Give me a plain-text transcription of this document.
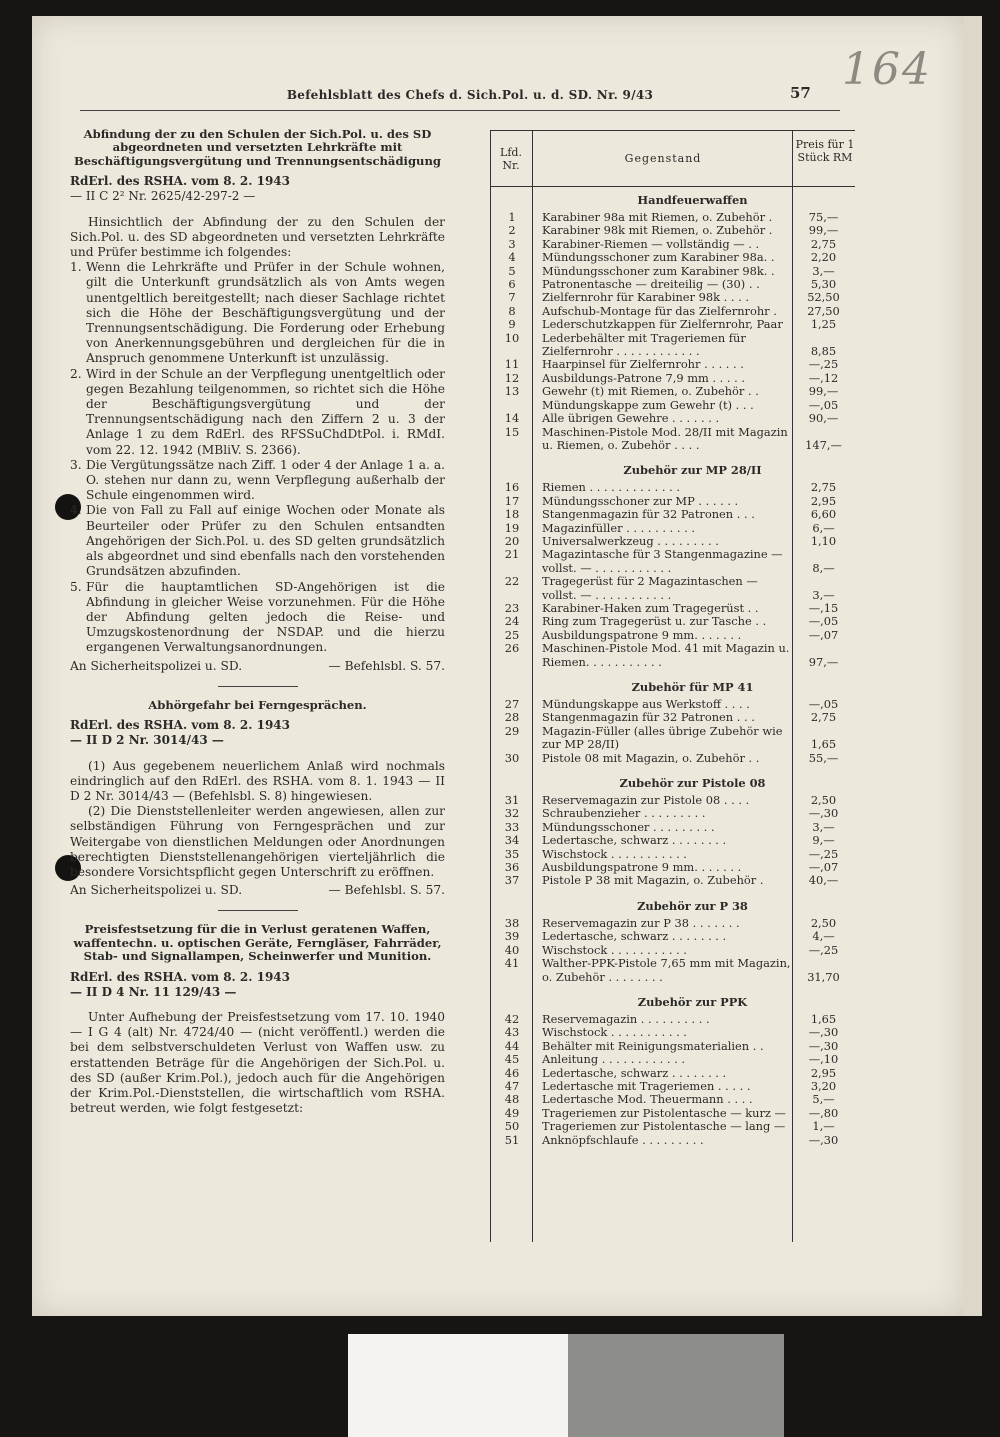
164
Befehlsblatt des Chefs d. Sich.Pol. u. d. SD. Nr. 9/43	57
Abfindung der zu den Schulen der Sich.Pol. u. des SD abgeordneten und versetzten Lehrkräfte mit Beschäftigungsvergütung und Trennungsentschädigung

RdErl. des RSHA. vom 8. 2. 1943

— II C 2² Nr. 2625/42-297-2 —

Hinsichtlich der Abfindung der zu den Schulen der Sich.Pol. u. des SD abgeordneten und versetzten Lehrkräfte und Prüfer bestimme ich folgendes:

1. Wenn die Lehrkräfte und Prüfer in der Schule wohnen, gilt die Unterkunft grundsätzlich als von Amts wegen unentgeltlich bereitgestellt; nach dieser Sachlage richtet sich die Höhe der Beschäftigungsvergütung und der Trennungsentschädigung. Die Forderung oder Erhebung von Anerkennungsgebühren und dergleichen für die in Anspruch genommene Unterkunft ist unzulässig.
2. Wird in der Schule an der Verpflegung unentgeltlich oder gegen Bezahlung teilgenommen, so richtet sich die Höhe der Beschäftigungsvergütung und der Trennungsentschädigung nach den Ziffern 2 u. 3 der Anlage 1 zu dem RdErl. des RFSSuChdDtPol. i. RMdI. vom 22. 12. 1942 (MBliV. S. 2366).
3. Die Vergütungssätze nach Ziff. 1 oder 4 der Anlage 1 a. a. O. stehen nur dann zu, wenn Verpflegung außerhalb der Schule eingenommen wird.
4. Die von Fall zu Fall auf einige Wochen oder Monate als Beurteiler oder Prüfer zu den Schulen entsandten Angehörigen der Sich.Pol. u. des SD gelten grundsätzlich als abgeordnet und sind ebenfalls nach den vorstehenden Grundsätzen abzufinden.
5. Für die hauptamtlichen SD-Angehörigen ist die Abfindung in gleicher Weise vorzunehmen. Für die Höhe der Abfindung gelten jedoch die Reise- und Umzugskostenordnung der NSDAP. und die hierzu ergangenen Verwaltungsanordnungen.
An Sicherheitspolizei u. SD.	— Befehlsbl. S. 57.
Abhörgefahr bei Ferngesprächen.

RdErl. des RSHA. vom 8. 2. 1943

— II D 2 Nr. 3014/43 —

(1) Aus gegebenem neuerlichem Anlaß wird nochmals eindringlich auf den RdErl. des RSHA. vom 8. 1. 1943 — II D 2 Nr. 3014/43 — (Befehlsbl. S. 8) hingewiesen.

(2) Die Dienststellenleiter werden angewiesen, allen zur selbständigen Führung von Ferngesprächen und zur Weitergabe von dienstlichen Meldungen oder Anordnungen berechtigten Dienststellenangehörigen vierteljährlich die besondere Vorsichtspflicht gegen Unterschrift zu eröffnen.

An Sicherheitspolizei u. SD.	— Befehlsbl. S. 57.
Preisfestsetzung für die in Verlust geratenen Waffen, waffentechn. u. optischen Geräte, Ferngläser, Fahrräder, Stab- und Signallampen, Scheinwerfer und Munition.

RdErl. des RSHA. vom 8. 2. 1943

— II D 4 Nr. 11 129/43 —

Unter Aufhebung der Preisfestsetzung vom 17. 10. 1940 — I G 4 (alt) Nr. 4724/40 — (nicht veröffentl.) werden die bei dem selbstverschuldeten Verlust von Waffen usw. zu erstattenden Beträge für die Angehörigen der Sich.Pol. u. des SD (außer Krim.Pol.), jedoch auch für die Angehörigen der Krim.Pol.-Dienststellen, die wirtschaftlich vom RSHA. betreut werden, wie folgt festgesetzt:

Lfd. Nr.
Gegenstand
Preis für 1 Stück RM
Handfeuerwaffen
1	Karabiner 98a mit Riemen, o. Zubehör .	75,—
2	Karabiner 98k mit Riemen, o. Zubehör .	99,—
3	Karabiner-Riemen — vollständig — . .	2,75
4	Mündungsschoner zum Karabiner 98a. .	2,20
5	Mündungsschoner zum Karabiner 98k. .	3,—
6	Patronentasche — dreiteilig — (30) . .	5,30
7	Zielfernrohr für Karabiner 98k . . . .	52,50
8	Aufschub-Montage für das Zielfernrohr .	27,50
9	Lederschutzkappen für Zielfernrohr, Paar	1,25
10	Lederbehälter mit Trageriemen für Zielfernrohr . . . . . . . . . . . .	8,85
11	Haarpinsel für Zielfernrohr . . . . . .	—,25
12	Ausbildungs-Patrone 7,9 mm . . . . .	—,12
13	Gewehr (t) mit Riemen, o. Zubehör . .	99,—
Mündungskappe zum Gewehr (t) . . .	—,05
14	Alle übrigen Gewehre . . . . . . .	90,—
15	Maschinen-Pistole Mod. 28/II mit Magazin u. Riemen, o. Zubehör . . . .	147,—
Zubehör zur MP 28/II
16	Riemen . . . . . . . . . . . . .	2,75
17	Mündungsschoner zur MP . . . . . .	2,95
18	Stangenmagazin für 32 Patronen . . .	6,60
19	Magazinfüller . . . . . . . . . .	6,—
20	Universalwerkzeug . . . . . . . . .	1,10
21	Magazintasche für 3 Stangenmagazine — vollst. — . . . . . . . . . . .	8,—
22	Tragegerüst für 2 Magazintaschen — vollst. — . . . . . . . . . . .	3,—
23	Karabiner-Haken zum Tragegerüst . .	—,15
24	Ring zum Tragegerüst u. zur Tasche . .	—,05
25	Ausbildungspatrone 9 mm. . . . . . .	—,07
26	Maschinen-Pistole Mod. 41 mit Magazin u. Riemen. . . . . . . . . . .	97,—
Zubehör für MP 41
27	Mündungskappe aus Werkstoff . . . .	—,05
28	Stangenmagazin für 32 Patronen . . .	2,75
29	Magazin-Füller (alles übrige Zubehör wie zur MP 28/II)	1,65
30	Pistole 08 mit Magazin, o. Zubehör . .	55,—
Zubehör zur Pistole 08
31	Reservemagazin zur Pistole 08 . . . .	2,50
32	Schraubenzieher . . . . . . . . .	—,30
33	Mündungsschoner . . . . . . . . .	3,—
34	Ledertasche, schwarz . . . . . . . .	9,—
35	Wischstock . . . . . . . . . . .	—,25
36	Ausbildungspatrone 9 mm. . . . . . .	—,07
37	Pistole P 38 mit Magazin, o. Zubehör .	40,—
Zubehör zur P 38
38	Reservemagazin zur P 38 . . . . . . .	2,50
39	Ledertasche, schwarz . . . . . . . .	4,—
40	Wischstock . . . . . . . . . . .	—,25
41	Walther-PPK-Pistole 7,65 mm mit Magazin, o. Zubehör . . . . . . . .	31,70
Zubehör zur PPK
42	Reservemagazin . . . . . . . . . .	1,65
43	Wischstock . . . . . . . . . . .	—,30
44	Behälter mit Reinigungsmaterialien . .	—,30
45	Anleitung . . . . . . . . . . . .	—,10
46	Ledertasche, schwarz . . . . . . . .	2,95
47	Ledertasche mit Trageriemen . . . . .	3,20
48	Ledertasche Mod. Theuermann . . . .	5,—
49	Trageriemen zur Pistolentasche — kurz —	—,80
50	Trageriemen zur Pistolentasche — lang —	1,—
51	Anknöpfschlaufe . . . . . . . . .	—,30
